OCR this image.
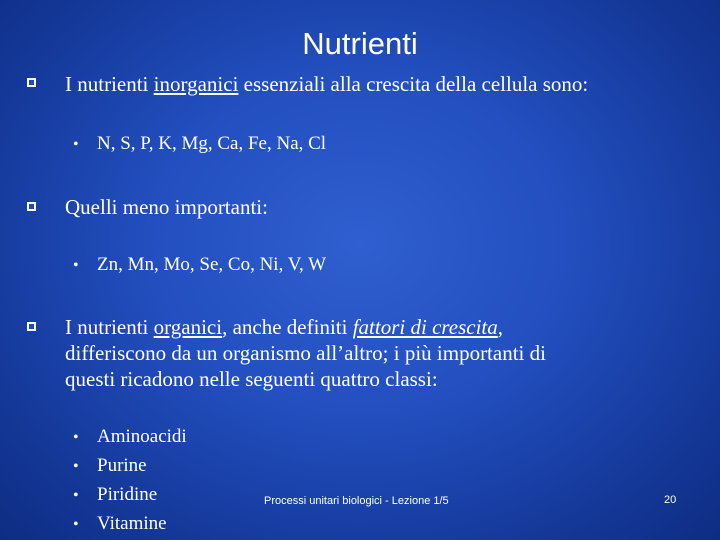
Nutrienti
I nutrienti inorganici essenziali alla crescita della cellula sono:
• N, S, P, K, Mg, Ca, Fe, Na, Cl
Quelli meno importanti:
• Zn, Mn, Mo, Se, Co, Ni, V, W
I nutrienti organici, anche definiti fattori di crescita,
differiscono da un organismo all’altro; i più importanti di
questi ricadono nelle seguenti quattro classi:
• Aminoacidi
• Purine
• Piridine
• Vitamine
Processi unitari biologici - Lezione 1/5	20
